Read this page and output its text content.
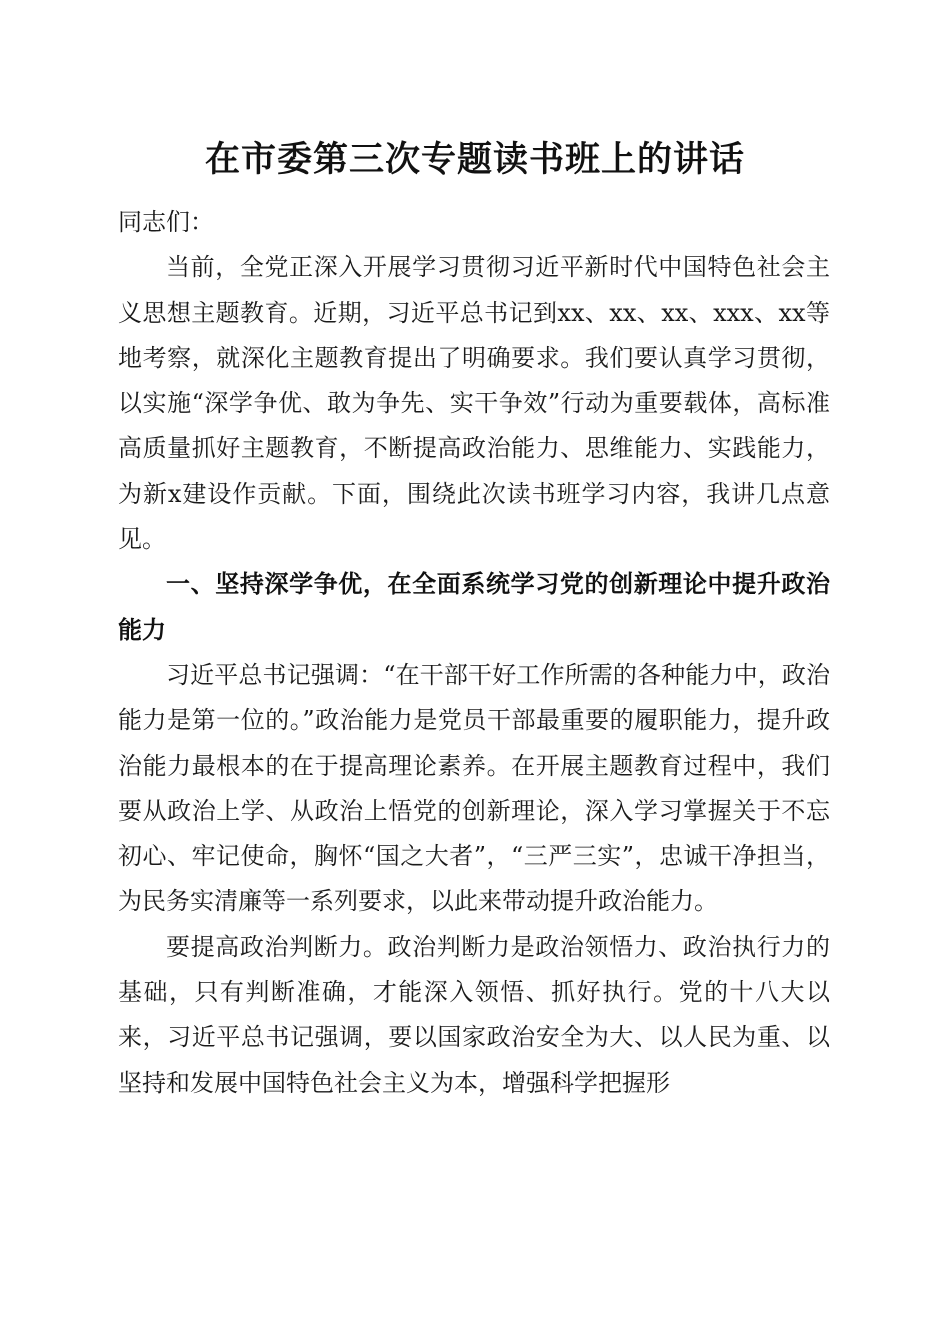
在市委第三次专题读书班上的讲话

同志们：

当前，全党正深入开展学习贯彻习近平新时代中国特色社会主义思想主题教育。近期，习近平总书记到xx、xx、xx、xxx、xx等地考察，就深化主题教育提出了明确要求。我们要认真学习贯彻，以实施“深学争优、敢为争先、实干争效”行动为重要载体，高标准高质量抓好主题教育，不断提高政治能力、思维能力、实践能力，为新x建设作贡献。下面，围绕此次读书班学习内容，我讲几点意见。

一、坚持深学争优，在全面系统学习党的创新理论中提升政治能力

习近平总书记强调：“在干部干好工作所需的各种能力中，政治能力是第一位的。”政治能力是党员干部最重要的履职能力，提升政治能力最根本的在于提高理论素养。在开展主题教育过程中，我们要从政治上学、从政治上悟党的创新理论，深入学习掌握关于不忘初心、牢记使命，胸怀“国之大者”，“三严三实”，忠诚干净担当，为民务实清廉等一系列要求，以此来带动提升政治能力。

要提高政治判断力。政治判断力是政治领悟力、政治执行力的基础，只有判断准确，才能深入领悟、抓好执行。党的十八大以来，习近平总书记强调，要以国家政治安全为大、以人民为重、以坚持和发展中国特色社会主义为本，增强科学把握形
